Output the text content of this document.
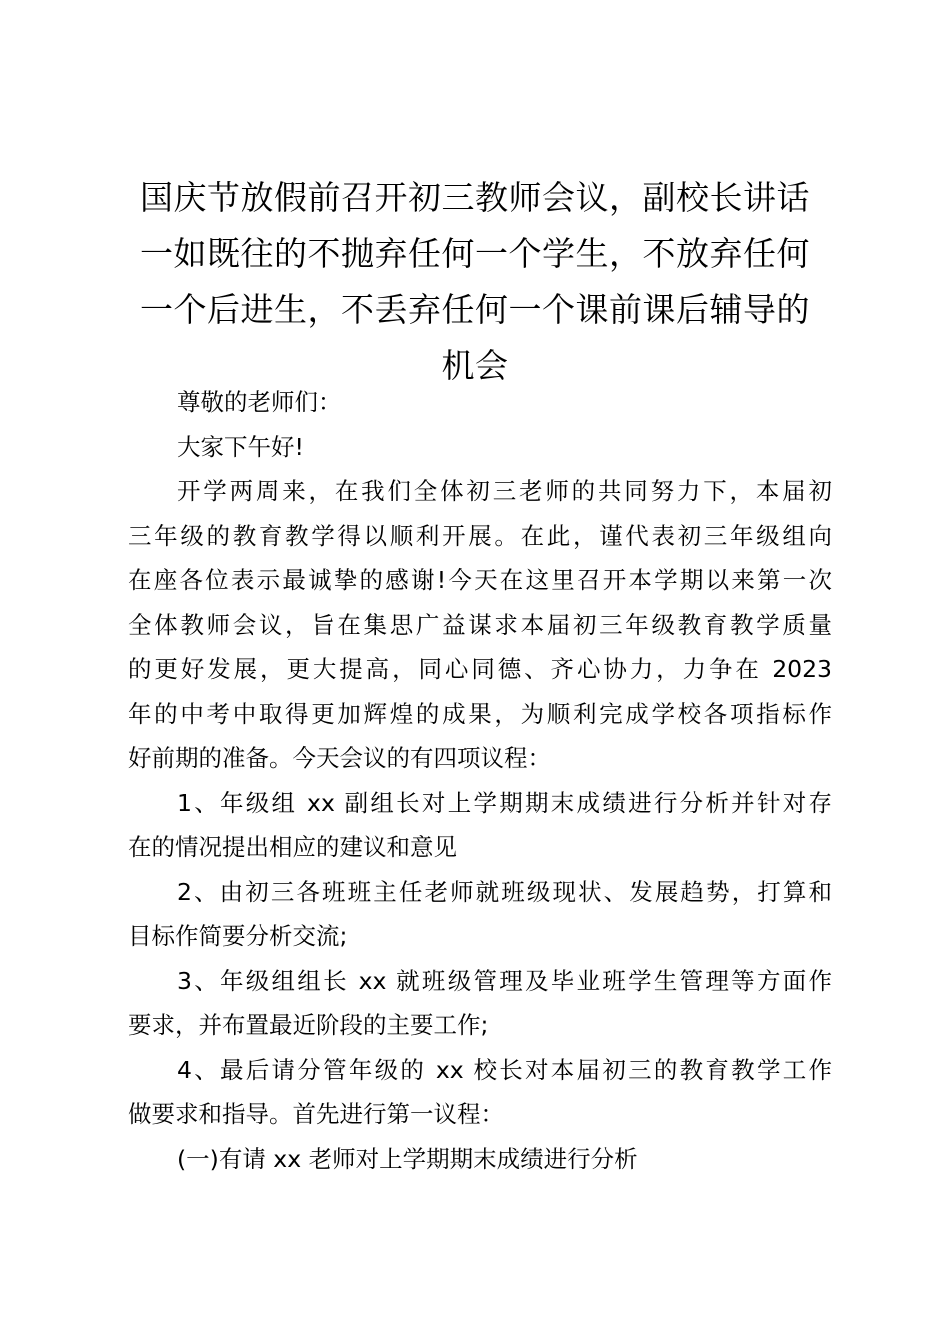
国庆节放假前召开初三教师会议，副校长讲话
一如既往的不抛弃任何一个学生，不放弃任何
一个后进生，不丢弃任何一个课前课后辅导的
机会

尊敬的老师们：

大家下午好!

开学两周来，在我们全体初三老师的共同努力下，本届初
三年级的教育教学得以顺利开展。在此，谨代表初三年级组向
在座各位表示最诚挚的感谢!今天在这里召开本学期以来第一次
全体教师会议，旨在集思广益谋求本届初三年级教育教学质量
的更好发展，更大提高，同心同德、齐心协力，力争在 2023
年的中考中取得更加辉煌的成果，为顺利完成学校各项指标作
好前期的准备。今天会议的有四项议程：

1、年级组 xx 副组长对上学期期末成绩进行分析并针对存
在的情况提出相应的建议和意见

2、由初三各班班主任老师就班级现状、发展趋势，打算和
目标作简要分析交流;

3、年级组组长 xx 就班级管理及毕业班学生管理等方面作
要求，并布置最近阶段的主要工作;

4、最后请分管年级的 xx 校长对本届初三的教育教学工作
做要求和指导。首先进行第一议程：

(一)有请 xx 老师对上学期期末成绩进行分析
